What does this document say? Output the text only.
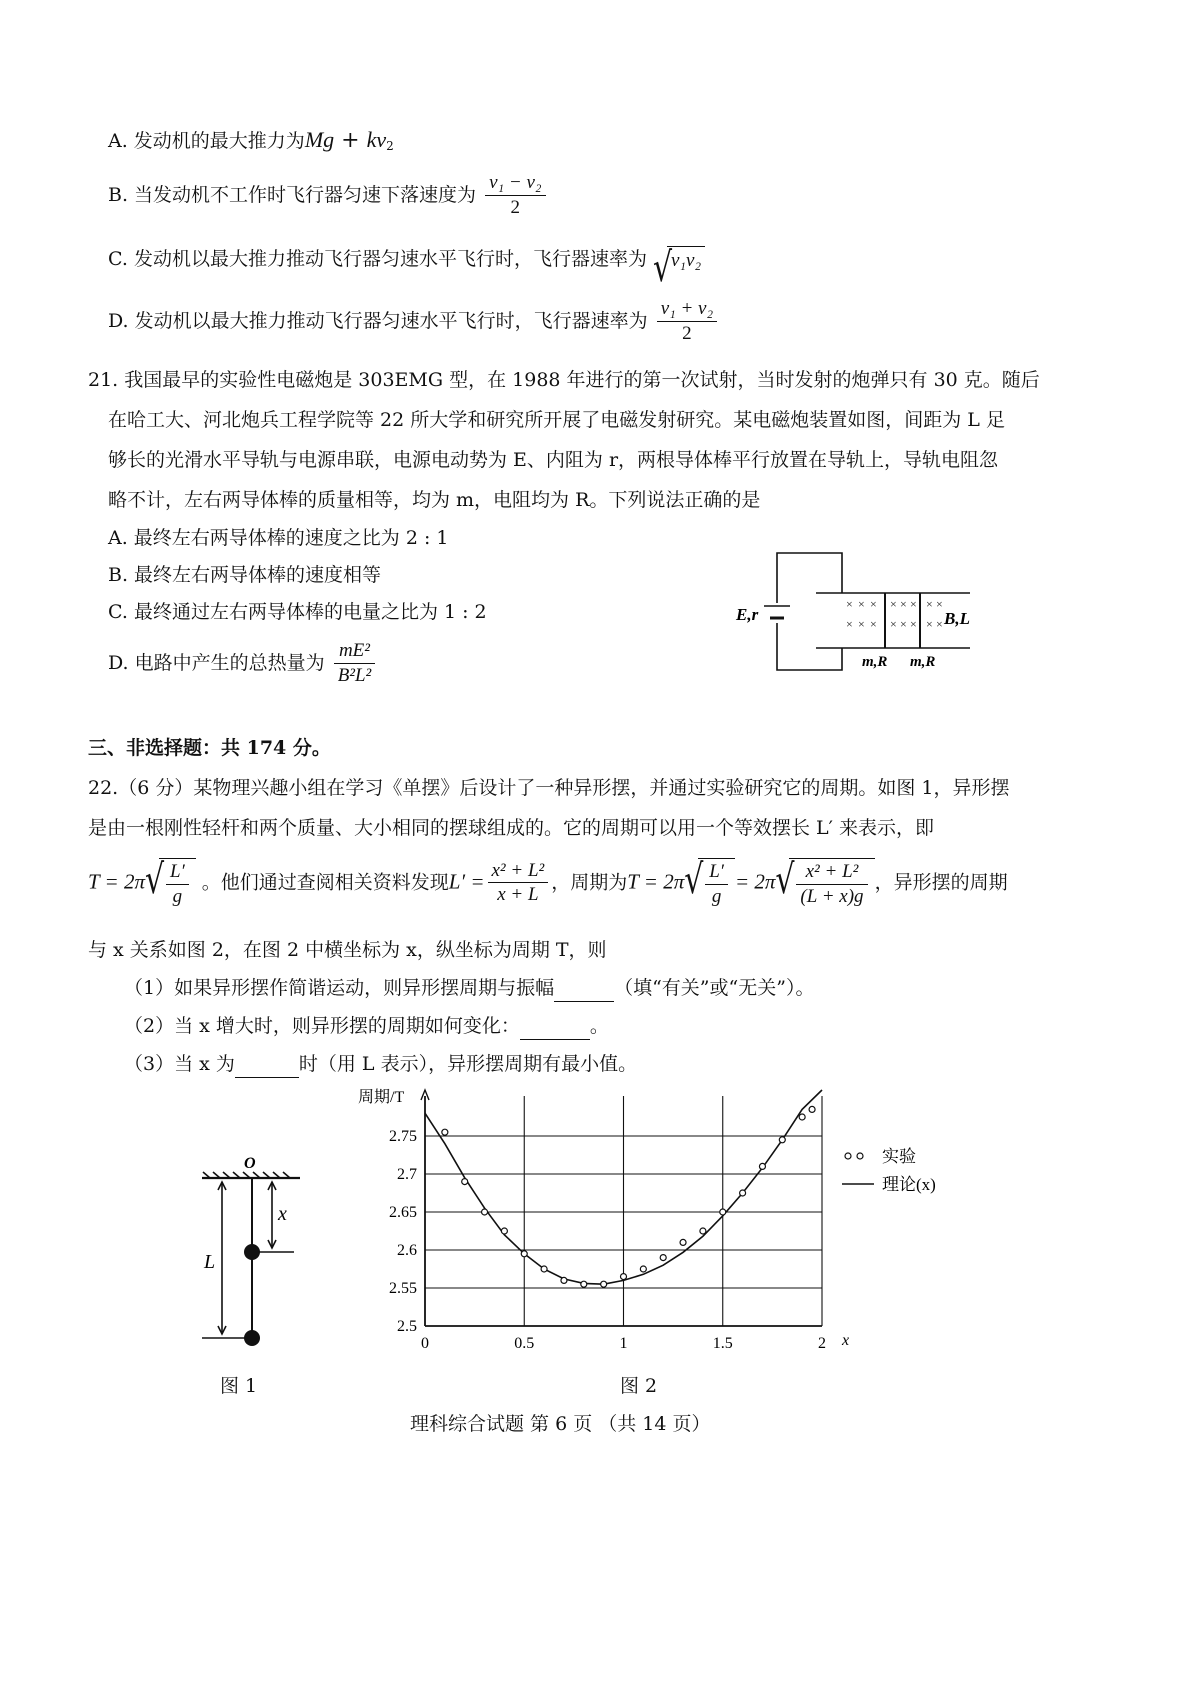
A. 发动机的最大推力为$Mg + kv_2$
B. 当发动机不工作时飞行器匀速下落速度为 $\frac{\text{v₁ − v₂}}{2}$
C. 发动机以最大推力推动飞行器匀速水平飞行时，飞行器速率为 √
v₁v₂
D. 发动机以最大推力推动飞行器匀速水平飞行时，飞行器速率为 $\frac{\text{v₁ + v₂}}{2}$
21. 我国最早的实验性电磁炮是 303EMG 型，在 1988 年进行的第一次试射，当时发射的炮弹只有 30 克。随后
在哈工大、河北炮兵工程学院等 22 所大学和研究所开展了电磁发射研究。某电磁炮装置如图，间距为 L 足
够长的光滑水平导轨与电源串联，电源电动势为 E、内阻为 r，两根导体棒平行放置在导轨上，导轨电阻忽
略不计，左右两导体棒的质量相等，均为 m，电阻均为 R。下列说法正确的是
A. 最终左右两导体棒的速度之比为 2 : 1
B. 最终左右两导体棒的速度相等
C. 最终通过左右两导体棒的电量之比为 1 : 2
D. 电路中产生的总热量为 $\frac{\text{mE²}}{\text{B²L²}}$
× × × × × × × ×
× × × × × × × ×
E,r	B,L
m,R m,R
三、非选择题：共 174 分。
22.（6 分）某物理兴趣小组在学习《单摆》后设计了一种异形摆，并通过实验研究它的周期。如图 1，异形摆
是由一根刚性轻杆和两个质量、大小相同的摆球组成的。它的周期可以用一个等效摆长 L′ 来表示，即
T = 2π √ $\frac{L'}{g}$ 。他们通过查阅相关资料发现$L' = \frac{\text{x² + L²}}{x + L}$ ，周期为T = 2π √ $\frac{L'}{g} = 2\pi$ √ $\frac{\text{x² + L²}}{(L + x)g}$ ，异形摆的周期
与 x 关系如图 2，在图 2 中横坐标为 x，纵坐标为周期 T，则
（1）如果异形摆作简谐运动，则异形摆周期与振幅	（填“有关”或“无关”）。
（2）当 x 增大时，则异形摆的周期如何变化：	。
（3）当 x 为	时（用 L 表示），异形摆周期有最小值。
O
x
L
图 1
2.5
2.55
2.6
2.65
2.7
2.75
0	0.5	1	1.5	2
周期/T
x
实验
理论(x)
图 2
理科综合试题 第 6 页 （共 14 页）
